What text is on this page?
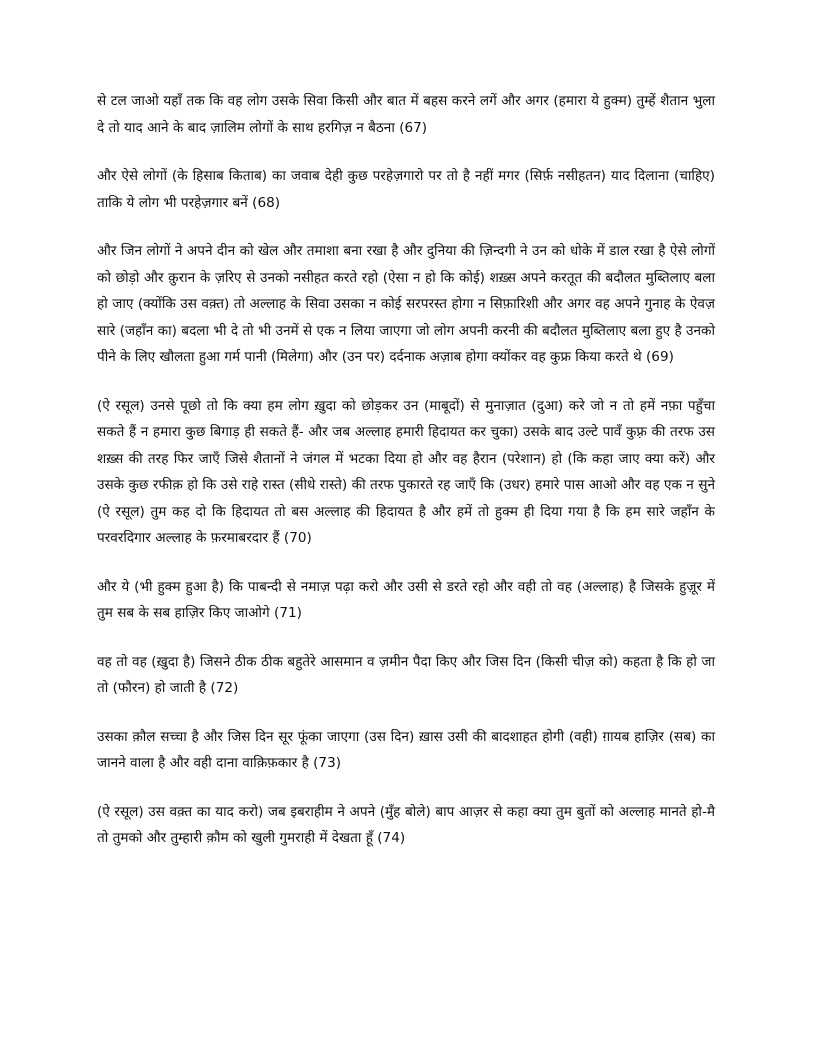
से टल जाओ यहाँ तक कि वह लोग उसके सिवा किसी और बात में बहस करने लगें और अगर (हमारा ये हुक्म) तुम्हें शैतान भुला दे तो याद आने के बाद ज़ालिम लोगों के साथ हरगिज़ न बैठना (67)

और ऐसे लोगों (के हिसाब किताब) का जवाब देही कुछ परहेज़गारो पर तो है नहीं मगर (सिर्फ़ नसीहतन) याद दिलाना (चाहिए) ताकि ये लोग भी परहेज़गार बनें (68)

और जिन लोगों ने अपने दीन को खेल और तमाशा बना रखा है और दुनिया की ज़िन्दगी ने उन को धोके में डाल रखा है ऐसे लोगों को छोड़ो और क़ुरान के ज़रिए से उनको नसीहत करते रहो (ऐसा न हो कि कोई) शख़्स अपने करतूत की बदौलत मुब्तिलाए बला हो जाए (क्योंकि उस वक़्त) तो अल्लाह के सिवा उसका न कोई सरपरस्त होगा न सिफ़ारिशी और अगर वह अपने गुनाह के ऐवज़ सारे (जहाँन का) बदला भी दे तो भी उनमें से एक न लिया जाएगा जो लोग अपनी करनी की बदौलत मुब्तिलाए बला हुए है उनको पीने के लिए खौलता हुआ गर्म पानी (मिलेगा) और (उन पर) दर्दनाक अज़ाब होगा क्योंकर वह कुफ्र किया करते थे (69)

(ऐ रसूल) उनसे पूछो तो कि क्या हम लोग ख़ुदा को छोड़कर उन (माबूदों) से मुनाज़ात (दुआ) करे जो न तो हमें नफ़ा पहुँचा सकते हैं न हमारा कुछ बिगाड़ ही सकते हैं- और जब अल्लाह हमारी हिदायत कर चुका) उसके बाद उल्टे पावँ कुफ़्र की तरफ उस शख़्स की तरह फिर जाएँ जिसे शैतानों ने जंगल में भटका दिया हो और वह हैरान (परेशान) हो (कि कहा जाए क्या करें) और उसके कुछ रफीक़ हो कि उसे राहे रास्त (सीधे रास्ते) की तरफ पुकारते रह जाएँ कि (उधर) हमारे पास आओ और वह एक न सुने (ऐ रसूल) तुम कह दो कि हिदायत तो बस अल्लाह की हिदायत है और हमें तो हुक्म ही दिया गया है कि हम सारे जहाँन के परवरदिगार अल्लाह के फ़रमाबरदार हैं (70)

और ये (भी हुक्म हुआ है) कि पाबन्दी से नमाज़ पढ़ा करो और उसी से डरते रहो और वही तो वह (अल्लाह) है जिसके हुज़ूर में तुम सब के सब हाज़िर किए जाओगे (71)

वह तो वह (ख़ुदा है) जिसने ठीक ठीक बहुतेरे आसमान व ज़मीन पैदा किए और जिस दिन (किसी चीज़ को) कहता है कि हो जा तो (फौरन) हो जाती है (72)

उसका क़ौल सच्चा है और जिस दिन सूर फूंका जाएगा (उस दिन) ख़ास उसी की बादशाहत होगी (वही) ग़ायब हाज़िर (सब) का जानने वाला है और वही दाना वाक़िफ़कार है (73)

(ऐ रसूल) उस वक़्त का याद करो) जब इबराहीम ने अपने (मुँह बोले) बाप आज़र से कहा क्या तुम बुतों को अल्लाह मानते हो-मै तो तुमको और तुम्हारी क़ौम को खुली गुमराही में देखता हूँ (74)
